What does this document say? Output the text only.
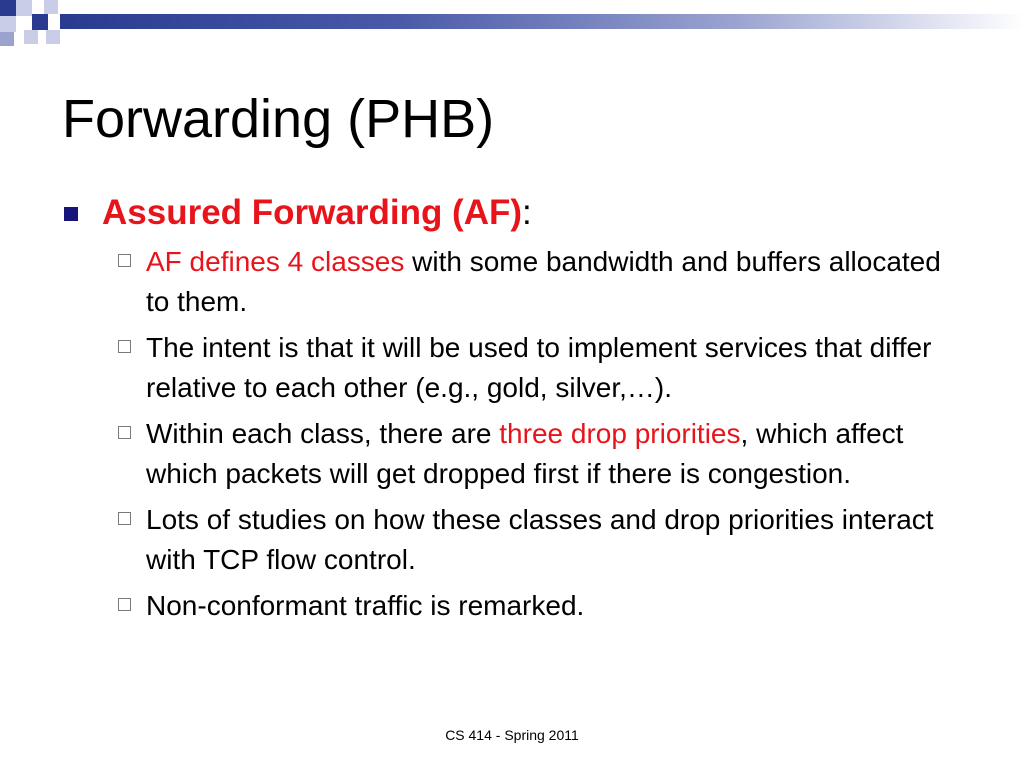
Forwarding (PHB)
Assured Forwarding (AF):
AF defines 4 classes with some bandwidth and buffers allocated to them.
The intent is that it will be used to implement services that differ relative to each other (e.g., gold, silver,…).
Within each class, there are three drop priorities, which affect which packets will get dropped first if there is congestion.
Lots of studies on how these classes and drop priorities interact with TCP flow control.
Non-conformant traffic is remarked.
CS 414 - Spring 2011
